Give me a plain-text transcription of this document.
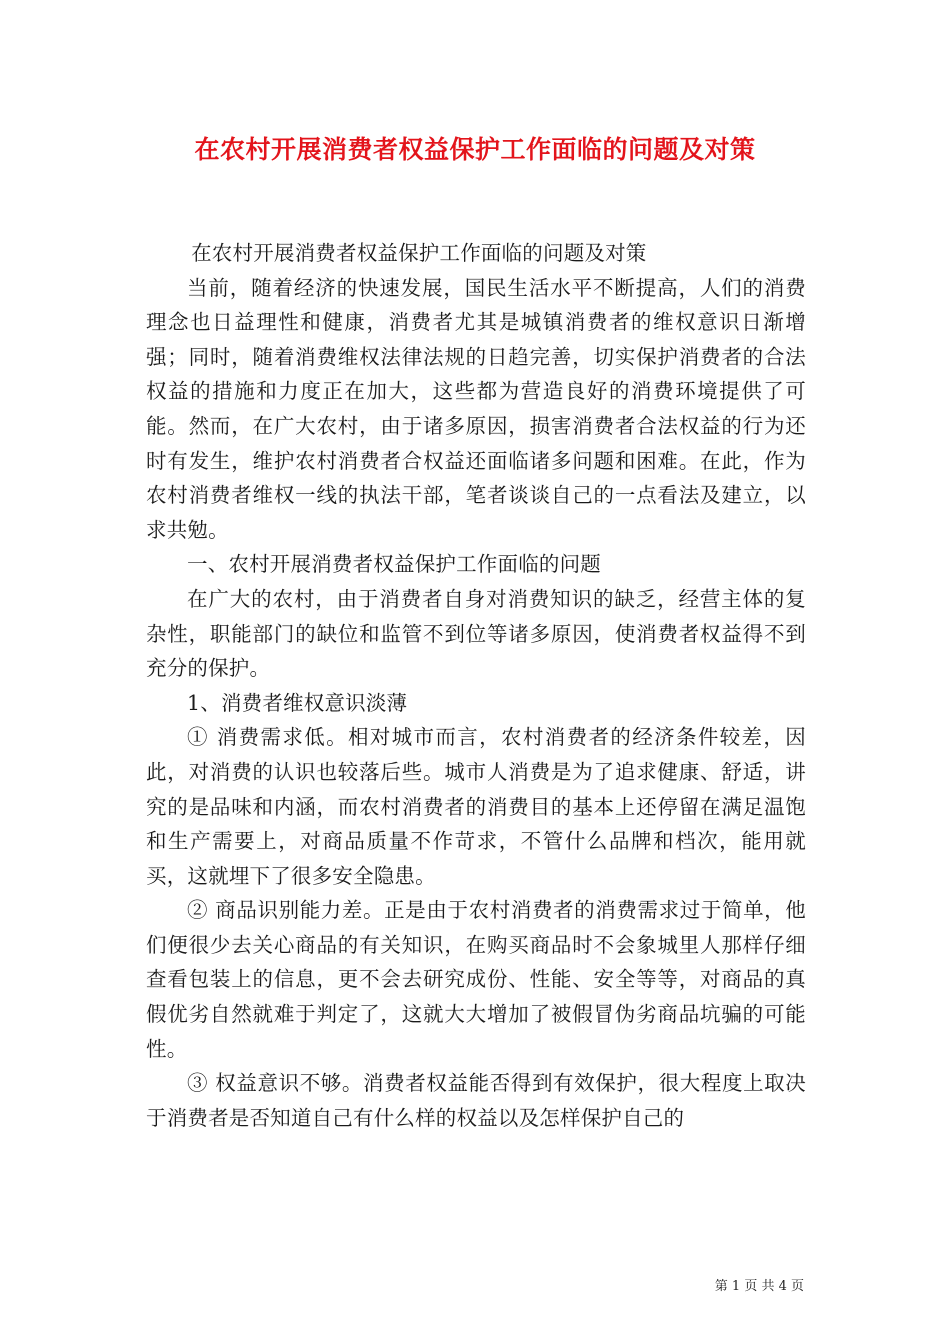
在农村开展消费者权益保护工作面临的问题及对策

在农村开展消费者权益保护工作面临的问题及对策

当前，随着经济的快速发展，国民生活水平不断提高，人们的消费理念也日益理性和健康，消费者尤其是城镇消费者的维权意识日渐增强；同时，随着消费维权法律法规的日趋完善，切实保护消费者的合法权益的措施和力度正在加大，这些都为营造良好的消费环境提供了可能。然而，在广大农村，由于诸多原因，损害消费者合法权益的行为还时有发生，维护农村消费者合权益还面临诸多问题和困难。在此，作为农村消费者维权一线的执法干部，笔者谈谈自己的一点看法及建立，以求共勉。

一、农村开展消费者权益保护工作面临的问题

在广大的农村，由于消费者自身对消费知识的缺乏，经营主体的复杂性，职能部门的缺位和监管不到位等诸多原因，使消费者权益得不到充分的保护。

1、消费者维权意识淡薄

① 消费需求低。相对城市而言，农村消费者的经济条件较差，因此，对消费的认识也较落后些。城市人消费是为了追求健康、舒适，讲究的是品味和内涵，而农村消费者的消费目的基本上还停留在满足温饱和生产需要上，对商品质量不作苛求，不管什么品牌和档次，能用就买，这就埋下了很多安全隐患。

② 商品识别能力差。正是由于农村消费者的消费需求过于简单，他们便很少去关心商品的有关知识，在购买商品时不会象城里人那样仔细查看包装上的信息，更不会去研究成份、性能、安全等等，对商品的真假优劣自然就难于判定了，这就大大增加了被假冒伪劣商品坑骗的可能性。

③ 权益意识不够。消费者权益能否得到有效保护，很大程度上取决于消费者是否知道自己有什么样的权益以及怎样保护自己的

第 1 页 共 4 页
